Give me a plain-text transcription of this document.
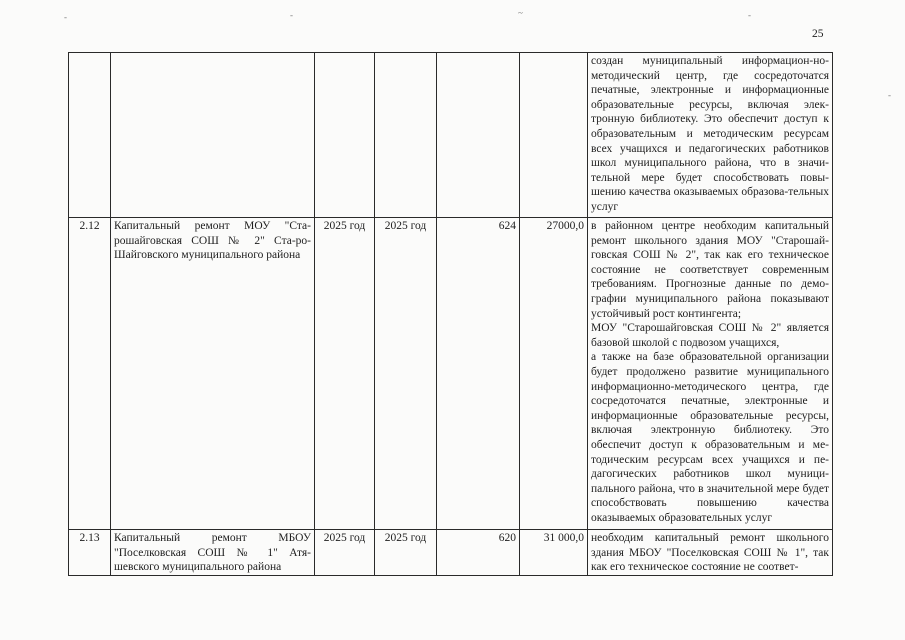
25
-	-	~	-
-
						создан муниципальный информацион-но-методический центр, где сосредоточатся печатные, электронные и информационные образовательные ресурсы, включая элек-тронную библиотеку. Это обеспечит доступ к образовательным и методическим ресурсам всех учащихся и педагогических работников школ муниципального района, что в значи-тельной мере будет способствовать повы-шению качества оказываемых образова-тельных услуг
2.12	Капитальный ремонт МОУ "Ста-рошайговская СОШ № 2" Ста-ро-Шайговского муниципального района	2025 год	2025 год	624	27000,0	в районном центре необходим капитальный ремонт школьного здания МОУ "Старошай-говская СОШ № 2", так как его техническое состояние не соответствует современным требованиям. Прогнозные данные по демо-графии муниципального района показывают устойчивый рост контингента;
МОУ "Старошайговская СОШ № 2" является базовой школой с подвозом учащихся,
а также на базе образовательной организации будет продолжено развитие муниципального информационно-методического центра, где сосредоточатся печатные, электронные и информационные образовательные ресурсы, включая электронную библиотеку. Это обеспечит доступ к образовательным и ме-тодическим ресурсам всех учащихся и пе-дагогических работников школ муници-пального района, что в значительной мере будет способствовать повышению качества оказываемых образовательных услуг
2.13	Капитальный ремонт МБОУ "Поселковская СОШ № 1" Атя-шевского муниципального района	2025 год	2025 год	620	31 000,0	необходим капитальный ремонт школьного здания МБОУ "Поселковская СОШ № 1", так как его техническое состояние не соответ-
